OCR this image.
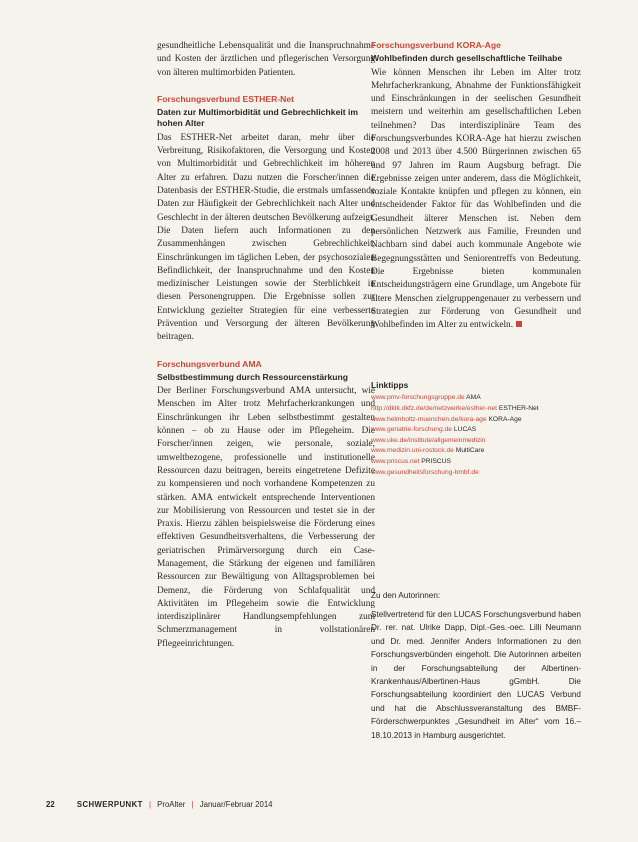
gesundheitliche Lebensqualität und die Inanspruchnahme und Kosten der ärztlichen und pflegerischen Versorgung von älteren multimorbiden Patienten.

Forschungsverbund ESTHER-Net
Daten zur Multimorbidität und Gebrechlichkeit im hohen Alter

Das ESTHER-Net arbeitet daran, mehr über die Verbreitung, Risikofaktoren, die Versorgung und Kosten von Multimorbidität und Gebrechlichkeit im höheren Alter zu erfahren. Dazu nutzen die Forscher/innen die Datenbasis der ESTHER-Studie, die erstmals umfassende Daten zur Häufigkeit der Gebrechlichkeit nach Alter und Geschlecht in der älteren deutschen Bevölkerung aufzeigt. Die Daten liefern auch Informationen zu den Zusammenhängen zwischen Gebrechlichkeit, Einschränkungen im täglichen Leben, der psychosozialen Befindlichkeit, der Inanspruchnahme und den Kosten medizinischer Leistungen sowie der Sterblichkeit in diesen Personengruppen. Die Ergebnisse sollen zur Entwicklung gezielter Strategien für eine verbesserte Prävention und Versorgung der älteren Bevölkerung beitragen.

Forschungsverbund AMA
Selbstbestimmung durch Ressourcenstärkung

Der Berliner Forschungsverbund AMA untersucht, wie Menschen im Alter trotz Mehrfacherkrankungen und Einschränkungen ihr Leben selbstbestimmt gestalten können – ob zu Hause oder im Pflegeheim. Die Forscher/innen zeigen, wie personale, soziale, umweltbezogene, professionelle und institutionelle Ressourcen dazu beitragen, bereits eingetretene Defizite zu kompensieren und noch vorhandene Kompetenzen zu stärken. AMA entwickelt entsprechende Interventionen zur Mobilisierung von Ressourcen und testet sie in der Praxis. Hierzu zählen beispielsweise die Förderung eines effektiven Gesundheitsverhaltens, die Verbesserung der geriatrischen Primärversorgung durch ein Case-Management, die Stärkung der eigenen und familiären Ressourcen zur Bewältigung von Alltagsproblemen bei Demenz, die Förderung von Schlafqualität und Aktivitäten im Pflegeheim sowie die Entwicklung interdisziplinärer Handlungsempfehlungen zum Schmerzmanagement in vollstationären Pflegeeinrichtungen.

Forschungsverbund KORA-Age
Wohlbefinden durch gesellschaftliche Teilhabe

Wie können Menschen ihr Leben im Alter trotz Mehrfacherkrankung, Abnahme der Funktionsfähigkeit und Einschränkungen in der seelischen Gesundheit meistern und weiterhin am gesellschaftlichen Leben teilnehmen? Das interdisziplinäre Team des Forschungsverbundes KORA-Age hat hierzu zwischen 2008 und 2013 über 4.500 Bürgerinnen zwischen 65 und 97 Jahren im Raum Augsburg befragt. Die Ergebnisse zeigen unter anderem, dass die Möglichkeit, soziale Kontakte knüpfen und pflegen zu können, ein entscheidender Faktor für das Wohlbefinden und die Gesundheit älterer Menschen ist. Neben dem persönlichen Netzwerk aus Familie, Freunden und Nachbarn sind dabei auch kommunale Angebote wie Begegnungsstätten und Seniorentreffs von Bedeutung. Die Ergebnisse bieten kommunalen Entscheidungsträgern eine Grundlage, um Angebote für ältere Menschen zielgruppengenauer zu verbessern und Strategien zur Förderung von Gesundheit und Wohlbefinden im Alter zu entwickeln.

Linktipps
www.pmv-forschungsgruppe.de AMA
http://dktk.dkfz.de/de/netzwerke/esther-net ESTHER-Net
www.helmholtz-muenchen.de/kora-age KORA-Age
www.geriatrie-forschung.de LUCAS
www.uke.de/institute/allgemeinmedizin
www.medizin.uni-rostock.de MultiCare
www.priscus.net PRISCUS
www.gesundheitsforschung-bmbf.de
Zu den Autorinnen:

Stellvertretend für den LUCAS Forschungsverbund haben Dr. rer. nat. Ulrike Dapp, Dipl.-Ges.-oec. Lilli Neumann und Dr. med. Jennifer Anders Informationen zu den Forschungsverbünden eingeholt. Die Autorinnen arbeiten in der Forschungsabteilung der Albertinen-Krankenhaus/Albertinen-Haus gGmbH. Die Forschungsabteilung koordiniert den LUCAS Verbund und hat die Abschlussveranstaltung des BMBF-Förderschwerpunktes „Gesundheit im Alter“ vom 16.–18.10.2013 in Hamburg ausgerichtet.

22	SCHWERPUNKT | ProAlter | Januar/Februar 2014
